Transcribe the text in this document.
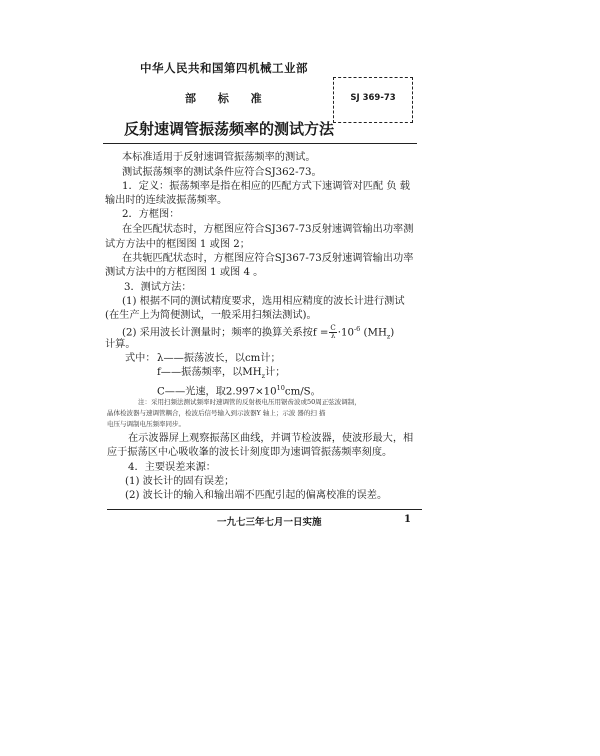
中华人民共和国第四机械工业部
部 标 准	SJ 369-73
反射速调管振荡频率的测试方法
本标准适用于反射速调管振荡频率的测试。
测试振荡频率的测试条件应符合SJ362-73。
1．定义：振荡频率是指在相应的匹配方式下速调管对匹配 负 载
输出时的连续波振荡频率。
2．方框图：
在全匹配状态时，方框图应符合SJ367-73反射速调管输出功率测
试方方法中的框图图 1 或图 2；
在共轭匹配状态时，方框图应符合SJ367-73反射速调管输出功率
测试方法中的方框图图 1 或图 4 。
3．测试方法：
(1) 根据不同的测试精度要求，选用相应精度的波长计进行测试
(在生产上为简便测试，一般采用扫频法测试)。
(2) 采用波长计测量时；频率的换算关系按$f = \frac{C}{\lambda} \cdot 10^{-6}$ $(MH_z)$
计算。
式中： λ——振荡波长，以cm计；
f——振荡频率，以$MH_z$计；
C——光速，取$2.997\times 10^{10}cm/S$。
注：采用扫频法测试频率时速调管的反射极电压用锯齿波或50周正弦波调制，
晶体检波器与速调管耦合，检波后信号输入到示波器Y 轴上；示波 器的扫 描
电压与调制电压频率同步。
在示波器屏上观察振荡区曲线，并调节检波器，使波形最大，相
应于振荡区中心吸收峯的波长计刻度即为速调管振荡频率刻度。
4．主要误差来源：
(1) 波长计的固有误差；
(2) 波长计的输入和输出端不匹配引起的偏离校准的误差。
一九七三年七月一日实施	1
